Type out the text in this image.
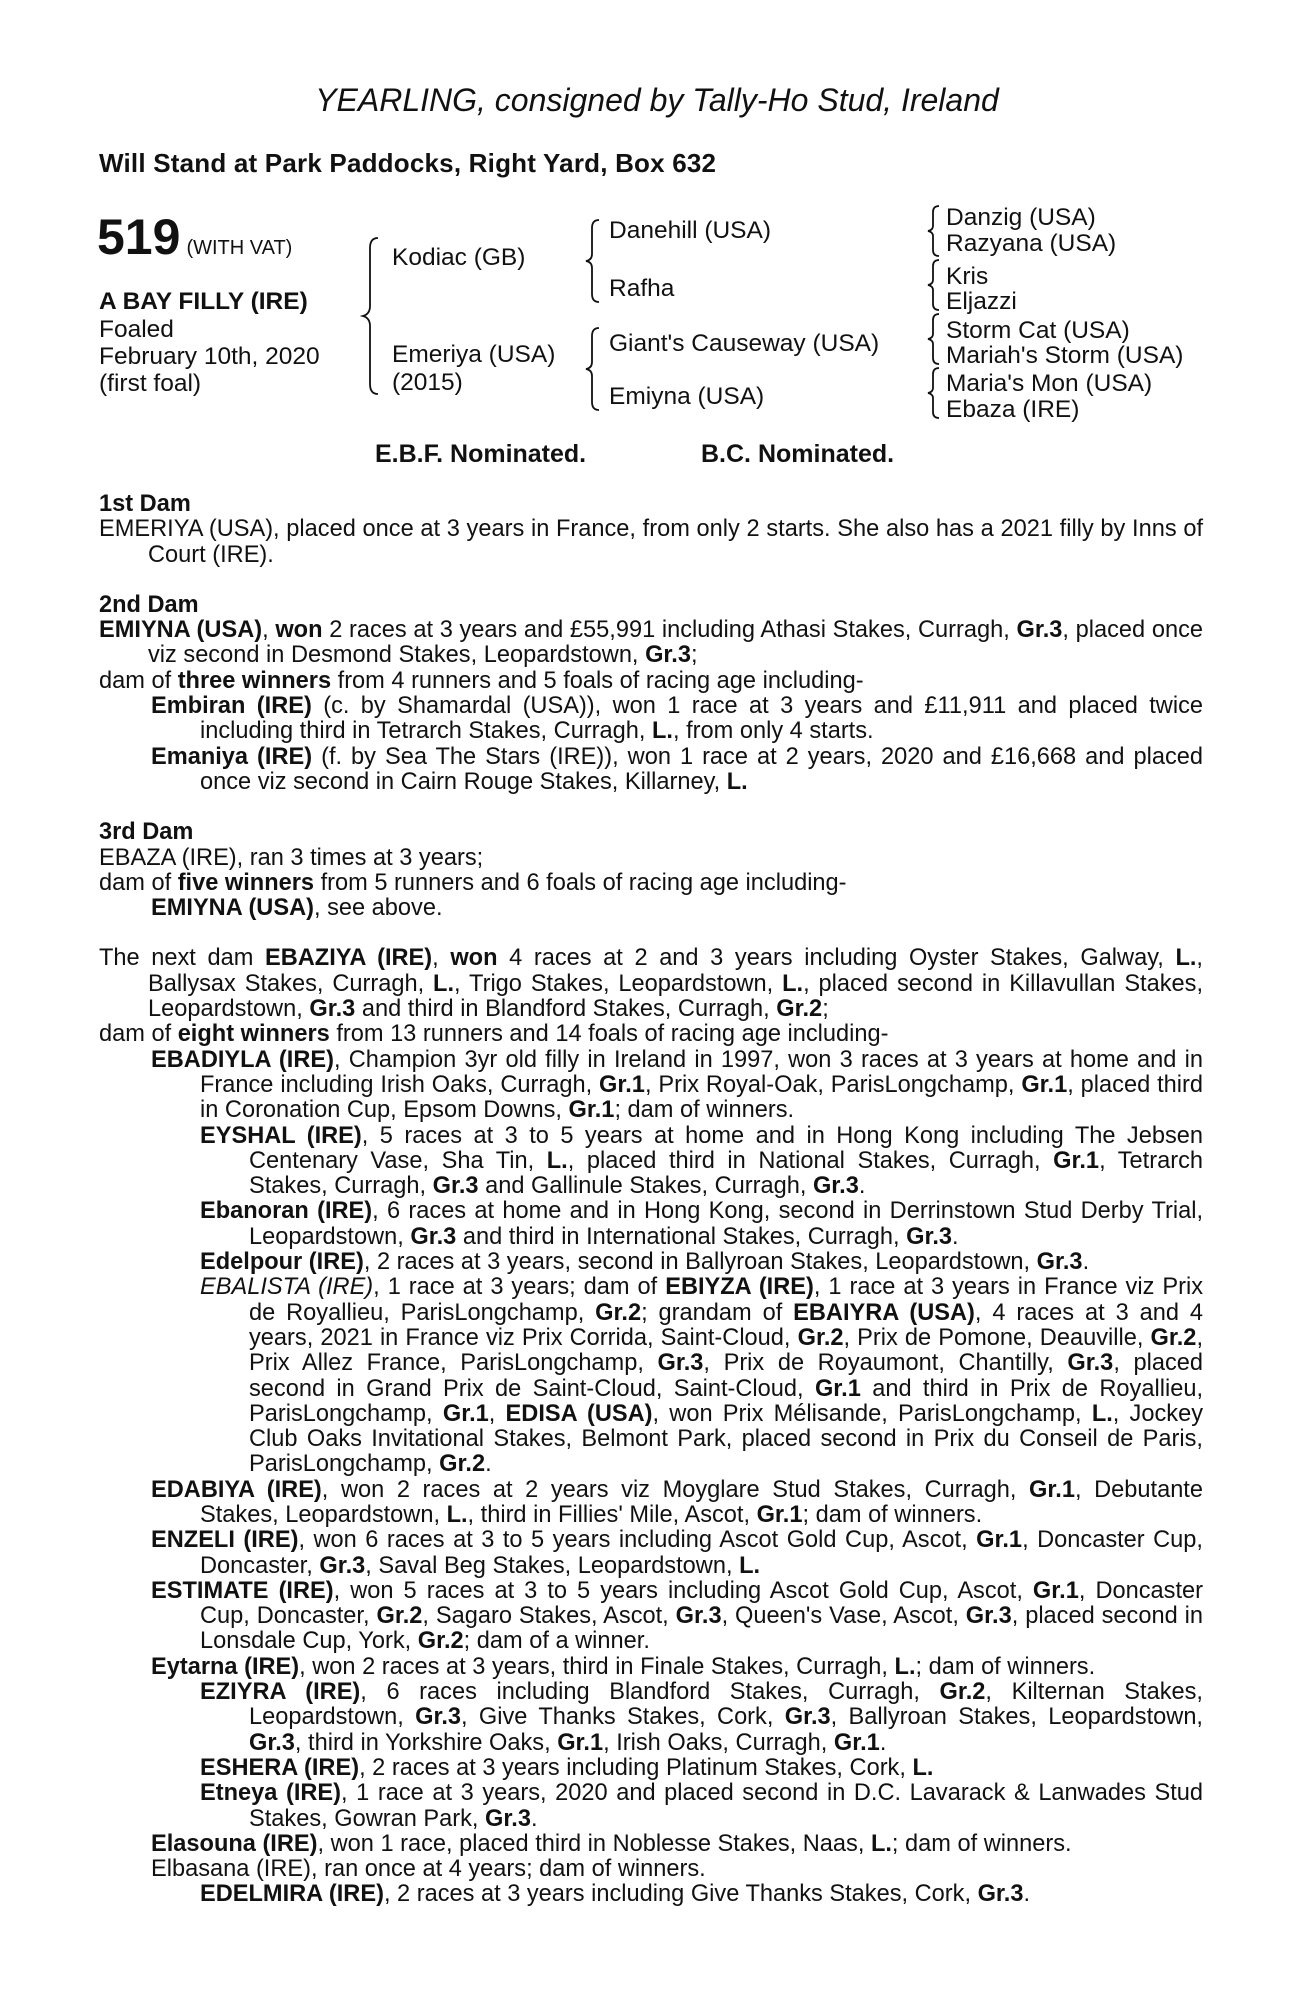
YEARLING, consigned by Tally-Ho Stud, Ireland
Will Stand at Park Paddocks, Right Yard, Box 632
519 (WITH VAT)
A BAY FILLY (IRE)
Foaled
February 10th, 2020
(first foal)
Kodiac (GB)
Emeriya (USA)
(2015)
Danehill (USA)
Rafha
Giant's Causeway (USA)
Emiyna (USA)
Danzig (USA)
Razyana (USA)
Kris
Eljazzi
Storm Cat (USA)
Mariah's Storm (USA)
Maria's Mon (USA)
Ebaza (IRE)
E.B.F. Nominated.	B.C. Nominated.

1st Dam

EMERIYA (USA), placed once at 3 years in France, from only 2 starts. She also has a 2021 filly by Inns of Court (IRE).

2nd Dam

EMIYNA (USA), won 2 races at 3 years and £55,991 including Athasi Stakes, Curragh, Gr.3, placed once viz second in Desmond Stakes, Leopardstown, Gr.3;

dam of three winners from 4 runners and 5 foals of racing age including-

Embiran (IRE) (c. by Shamardal (USA)), won 1 race at 3 years and £11,911 and placed twice including third in Tetrarch Stakes, Curragh, L., from only 4 starts.

Emaniya (IRE) (f. by Sea The Stars (IRE)), won 1 race at 2 years, 2020 and £16,668 and placed once viz second in Cairn Rouge Stakes, Killarney, L.

3rd Dam

EBAZA (IRE), ran 3 times at 3 years;

dam of five winners from 5 runners and 6 foals of racing age including-

EMIYNA (USA), see above.

The next dam EBAZIYA (IRE), won 4 races at 2 and 3 years including Oyster Stakes, Galway, L., Ballysax Stakes, Curragh, L., Trigo Stakes, Leopardstown, L., placed second in Killavullan Stakes, Leopardstown, Gr.3 and third in Blandford Stakes, Curragh, Gr.2;

dam of eight winners from 13 runners and 14 foals of racing age including-

EBADIYLA (IRE), Champion 3yr old filly in Ireland in 1997, won 3 races at 3 years at home and in France including Irish Oaks, Curragh, Gr.1, Prix Royal-Oak, ParisLongchamp, Gr.1, placed third in Coronation Cup, Epsom Downs, Gr.1; dam of winners.

EYSHAL (IRE), 5 races at 3 to 5 years at home and in Hong Kong including The Jebsen Centenary Vase, Sha Tin, L., placed third in National Stakes, Curragh, Gr.1, Tetrarch Stakes, Curragh, Gr.3 and Gallinule Stakes, Curragh, Gr.3.

Ebanoran (IRE), 6 races at home and in Hong Kong, second in Derrinstown Stud Derby Trial, Leopardstown, Gr.3 and third in International Stakes, Curragh, Gr.3.

Edelpour (IRE), 2 races at 3 years, second in Ballyroan Stakes, Leopardstown, Gr.3.

EBALISTA (IRE), 1 race at 3 years; dam of EBIYZA (IRE), 1 race at 3 years in France viz Prix de Royallieu, ParisLongchamp, Gr.2; grandam of EBAIYRA (USA), 4 races at 3 and 4 years, 2021 in France viz Prix Corrida, Saint-Cloud, Gr.2, Prix de Pomone, Deauville, Gr.2, Prix Allez France, ParisLongchamp, Gr.3, Prix de Royaumont, Chantilly, Gr.3, placed second in Grand Prix de Saint-Cloud, Saint-Cloud, Gr.1 and third in Prix de Royallieu, ParisLongchamp, Gr.1, EDISA (USA), won Prix Mélisande, ParisLongchamp, L., Jockey Club Oaks Invitational Stakes, Belmont Park, placed second in Prix du Conseil de Paris, ParisLongchamp, Gr.2.

EDABIYA (IRE), won 2 races at 2 years viz Moyglare Stud Stakes, Curragh, Gr.1, Debutante Stakes, Leopardstown, L., third in Fillies' Mile, Ascot, Gr.1; dam of winners.

ENZELI (IRE), won 6 races at 3 to 5 years including Ascot Gold Cup, Ascot, Gr.1, Doncaster Cup, Doncaster, Gr.3, Saval Beg Stakes, Leopardstown, L.

ESTIMATE (IRE), won 5 races at 3 to 5 years including Ascot Gold Cup, Ascot, Gr.1, Doncaster Cup, Doncaster, Gr.2, Sagaro Stakes, Ascot, Gr.3, Queen's Vase, Ascot, Gr.3, placed second in Lonsdale Cup, York, Gr.2; dam of a winner.

Eytarna (IRE), won 2 races at 3 years, third in Finale Stakes, Curragh, L.; dam of winners.

EZIYRA (IRE), 6 races including Blandford Stakes, Curragh, Gr.2, Kilternan Stakes, Leopardstown, Gr.3, Give Thanks Stakes, Cork, Gr.3, Ballyroan Stakes, Leopardstown, Gr.3, third in Yorkshire Oaks, Gr.1, Irish Oaks, Curragh, Gr.1.

ESHERA (IRE), 2 races at 3 years including Platinum Stakes, Cork, L.

Etneya (IRE), 1 race at 3 years, 2020 and placed second in D.C. Lavarack & Lanwades Stud Stakes, Gowran Park, Gr.3.

Elasouna (IRE), won 1 race, placed third in Noblesse Stakes, Naas, L.; dam of winners.

Elbasana (IRE), ran once at 4 years; dam of winners.

EDELMIRA (IRE), 2 races at 3 years including Give Thanks Stakes, Cork, Gr.3.
